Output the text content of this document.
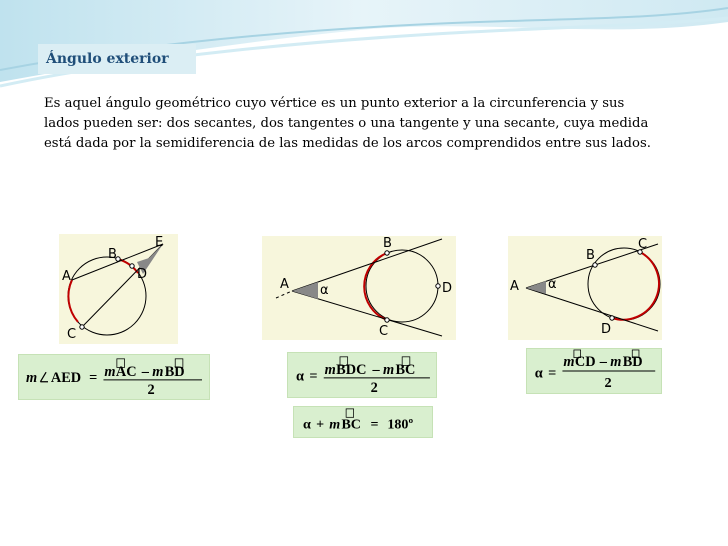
Ángulo exterior
Es aquel ángulo geométrico cuyo vértice es un punto exterior a la circunferencia y sus lados pueden ser: dos secantes, dos tangentes o una tangente y una secante, cuya medida está dada por la semidiferencia de las medidas de los arcos comprendidos entre sus lados.
E
B
A	D
C
A α
B
D
C
A α
B
C
D
m AED = m AC – m BD
2
α = m BDC – m BC
2
α =
m CD – m BD
2
α + m BC = 180º
